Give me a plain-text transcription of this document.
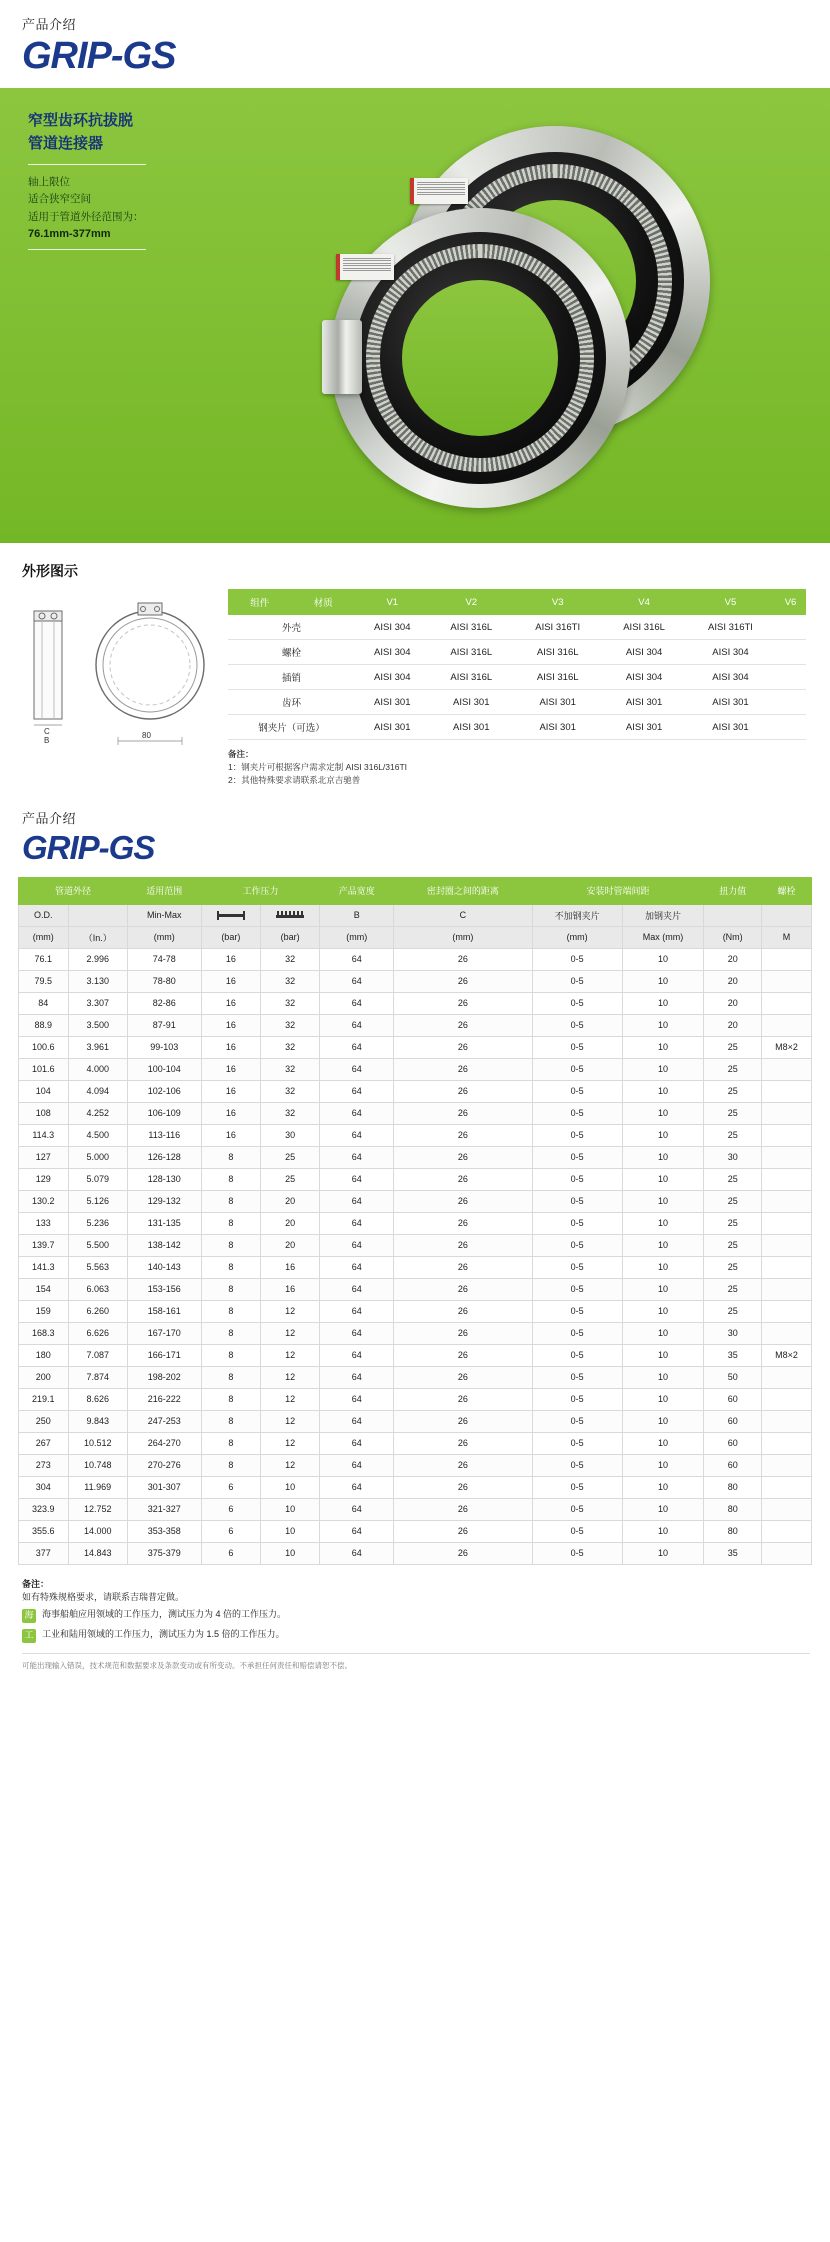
产品介绍
GRIP-GS
窄型齿环抗拔脱
管道连接器
轴上限位
适合狭窄空间
适用于管道外径范围为：
76.1mm-377mm
外形图示
C
B
80
组件	材质	V1	V2	V3	V4	V5	V6
外壳		AISI 304	AISI 316L	AISI 316TI	AISI 316L	AISI 316TI	
螺栓		AISI 304	AISI 316L	AISI 316L	AISI 304	AISI 304	
插销		AISI 304	AISI 316L	AISI 316L	AISI 304	AISI 304	
齿环		AISI 301	AISI 301	AISI 301	AISI 301	AISI 301	
钢夹片（可选）		AISI 301	AISI 301	AISI 301	AISI 301	AISI 301	
备注：
1：钢夹片可根据客户需求定制 AISI 316L/316TI
2：其他特殊要求请联系北京吉驰普
产品介绍
GRIP-GS
管道外径		适用范围	工作压力		产品宽度	密封圈之间的距离	安装时管端间距		扭力值	螺栓
O.D.		Min-Max			B	C	不加钢夹片	加钢夹片		
(mm)	（In.）	(mm)	(bar)	(bar)	(mm)	(mm)	(mm)	Max (mm)	(Nm)	M
76.1	2.996	74-78	16	32	64	26	0-5	10	20	
79.5	3.130	78-80	16	32	64	26	0-5	10	20	
84	3.307	82-86	16	32	64	26	0-5	10	20	
88.9	3.500	87-91	16	32	64	26	0-5	10	20	
100.6	3.961	99-103	16	32	64	26	0-5	10	25	M8×2
101.6	4.000	100-104	16	32	64	26	0-5	10	25	
104	4.094	102-106	16	32	64	26	0-5	10	25	
108	4.252	106-109	16	32	64	26	0-5	10	25	
114.3	4.500	113-116	16	30	64	26	0-5	10	25	
127	5.000	126-128	8	25	64	26	0-5	10	30	
129	5.079	128-130	8	25	64	26	0-5	10	25	
130.2	5.126	129-132	8	20	64	26	0-5	10	25	
133	5.236	131-135	8	20	64	26	0-5	10	25	
139.7	5.500	138-142	8	20	64	26	0-5	10	25	
141.3	5.563	140-143	8	16	64	26	0-5	10	25	
154	6.063	153-156	8	16	64	26	0-5	10	25	
159	6.260	158-161	8	12	64	26	0-5	10	25	
168.3	6.626	167-170	8	12	64	26	0-5	10	30	
180	7.087	166-171	8	12	64	26	0-5	10	35	M8×2
200	7.874	198-202	8	12	64	26	0-5	10	50	
219.1	8.626	216-222	8	12	64	26	0-5	10	60	
250	9.843	247-253	8	12	64	26	0-5	10	60	
267	10.512	264-270	8	12	64	26	0-5	10	60	
273	10.748	270-276	8	12	64	26	0-5	10	60	
304	11.969	301-307	6	10	64	26	0-5	10	80	
323.9	12.752	321-327	6	10	64	26	0-5	10	80	
355.6	14.000	353-358	6	10	64	26	0-5	10	80	
377	14.843	375-379	6	10	64	26	0-5	10	35	
备注：
如有特殊规格要求，请联系吉瑞普定做。
海 海事船舶应用领域的工作压力，测试压力为 4 倍的工作压力。
工 工业和陆用领域的工作压力，测试压力为 1.5 倍的工作压力。
可能出现输入错误，技术规范和数据要求及条款变动或有所变动。不承担任何责任和赔偿请恕不偿。
